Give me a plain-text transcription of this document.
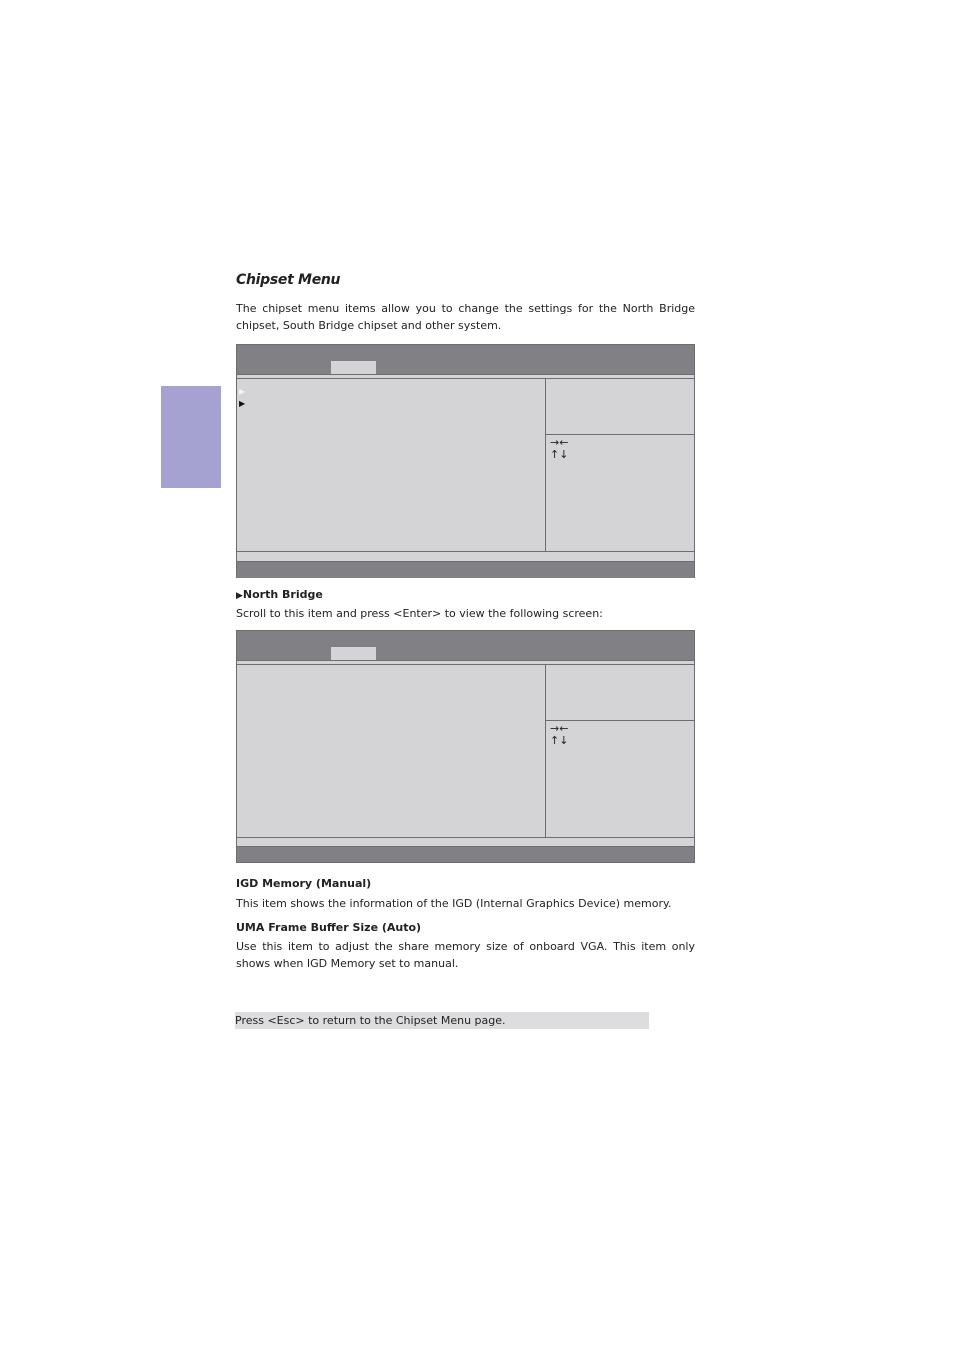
Chipset Menu

The chipset menu items allow you to change the settings for the North Bridge chipset, South Bridge chipset and other system.

▶
▶

→←
↑↓

▶North Bridge

Scroll to this item and press <Enter> to view the following screen:

→←
↑↓

IGD Memory (Manual)

This item shows the information of the IGD (Internal Graphics Device) memory.

UMA Frame Buffer Size (Auto)

Use this item to adjust the share memory size of onboard VGA. This item only shows when IGD Memory set to manual.

Press <Esc> to return to the Chipset Menu page.
